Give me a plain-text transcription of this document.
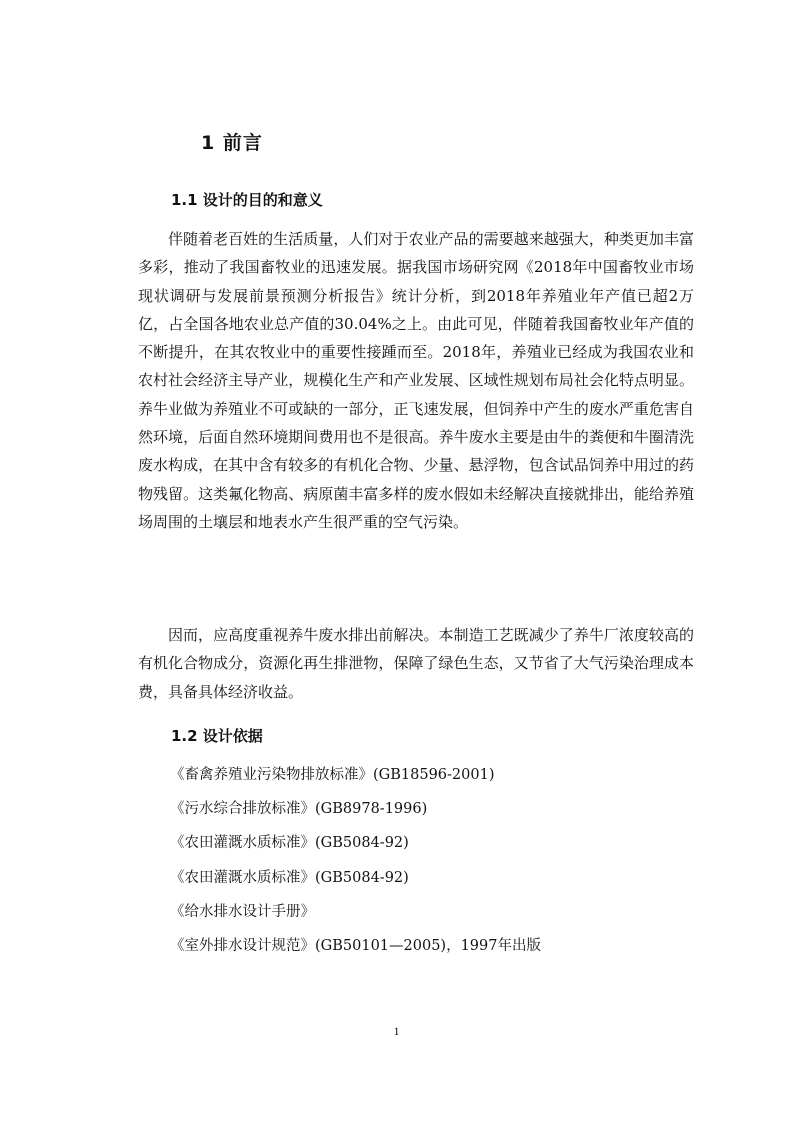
1 前言
1.1 设计的目的和意义

伴随着老百姓的生活质量，人们对于农业产品的需要越来越强大，种类更加丰富多彩，推动了我国畜牧业的迅速发展。据我国市场研究网《2018年中国畜牧业市场现状调研与发展前景预测分析报告》统计分析，到2018年养殖业年产值已超2万亿，占全国各地农业总产值的30.04%之上。由此可见，伴随着我国畜牧业年产值的不断提升，在其农牧业中的重要性接踵而至。2018年，养殖业已经成为我国农业和农村社会经济主导产业，规模化生产和产业发展、区域性规划布局社会化特点明显。养牛业做为养殖业不可或缺的一部分，正飞速发展，但饲养中产生的废水严重危害自然环境，后面自然环境期间费用也不是很高。养牛废水主要是由牛的粪便和牛圈清洗废水构成，在其中含有较多的有机化合物、少量、悬浮物，包含试品饲养中用过的药物残留。这类氟化物高、病原菌丰富多样的废水假如未经解决直接就排出，能给养殖场周围的土壤层和地表水产生很严重的空气污染。

因而，应高度重视养牛废水排出前解决。本制造工艺既减少了养牛厂浓度较高的有机化合物成分，资源化再生排泄物，保障了绿色生态，又节省了大气污染治理成本费，具备具体经济收益。

1.2 设计依据
《畜禽养殖业污染物排放标准》(GB18596-2001)
《污水综合排放标准》(GB8978-1996)
《农田灌溉水质标准》(GB5084-92)
《农田灌溉水质标准》(GB5084-92)
《给水排水设计手册》
《室外排水设计规范》(GB50101—2005)，1997年出版
1
